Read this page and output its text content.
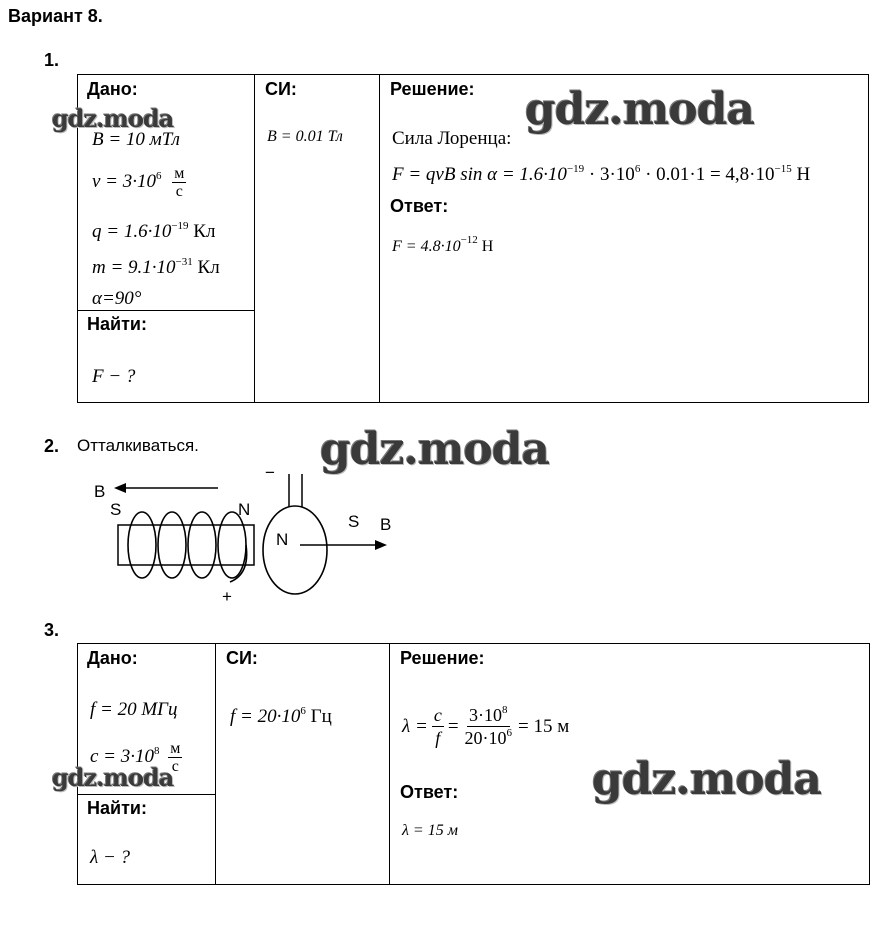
Вариант 8.
1.
Дано:
B = 10 мТл
$v = 3\cdot 10^6 \frac{м}{с}$
$q = 1.6\cdot 10^{-19}$ Кл
$m = 9.1\cdot 10^{-31}$ Кл
α=90°

СИ:
B = 0.01 Тл

Решение:
Сила Лоренца:
F = qvB $\sin \alpha = 1.6\cdot 10^{-19} \cdot 3\cdot 10^6 \cdot 0.01\cdot 1 = 4,8\cdot 10^{-15}$ Н
Ответ:
$F = 4.8\cdot 10^{-12}$ Н

Найти:
F − ?
gdz.moda	gdz.moda
2. Отталкиваться.	gdz.moda
B
S	N
−
+
N
S B
3.
Дано:
f = 20 МГц
$c = 3\cdot 10^8 \frac{м}{с}$

СИ:
$f = 20\cdot 10^6$ Гц

Решение:
$\lambda = \frac{c}{f} = \frac{3\cdot 10^8}{20\cdot 10^6} = 15$ м
Ответ:
λ = 15 м

Найти:
λ − ?
gdz.moda	gdz.moda
